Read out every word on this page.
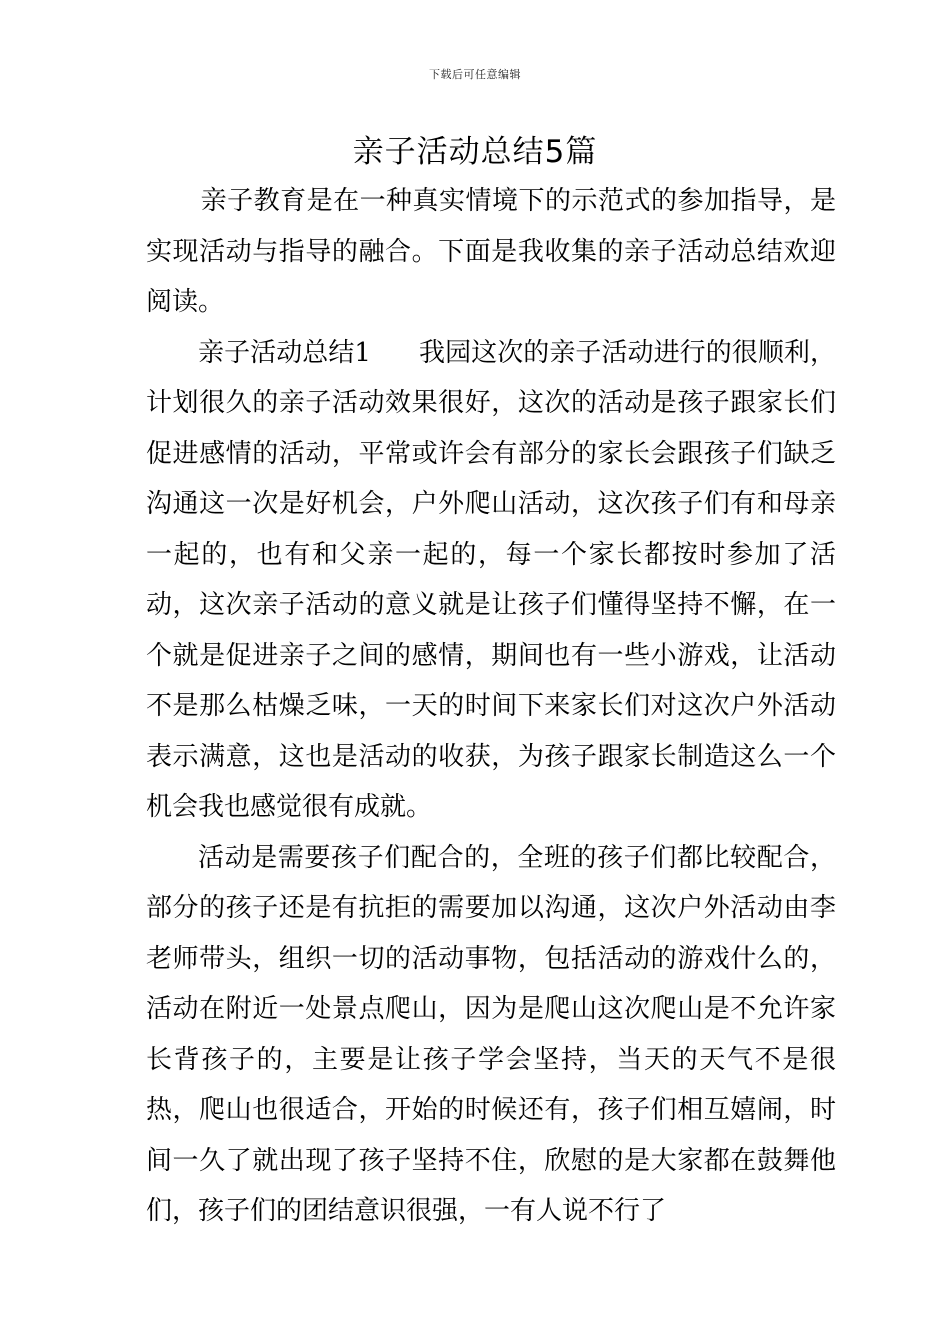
下载后可任意编辑
亲子活动总结5篇

亲子教育是在一种真实情境下的示范式的参加指导，是实现活动与指导的融合。下面是我收集的亲子活动总结欢迎阅读。

亲子活动总结1 我园这次的亲子活动进行的很顺利，计划很久的亲子活动效果很好，这次的活动是孩子跟家长们促进感情的活动，平常或许会有部分的家长会跟孩子们缺乏沟通这一次是好机会，户外爬山活动，这次孩子们有和母亲一起的，也有和父亲一起的，每一个家长都按时参加了活动，这次亲子活动的意义就是让孩子们懂得坚持不懈，在一个就是促进亲子之间的感情，期间也有一些小游戏，让活动不是那么枯燥乏味，一天的时间下来家长们对这次户外活动表示满意，这也是活动的收获，为孩子跟家长制造这么一个机会我也感觉很有成就。

活动是需要孩子们配合的，全班的孩子们都比较配合，部分的孩子还是有抗拒的需要加以沟通，这次户外活动由李老师带头，组织一切的活动事物，包括活动的游戏什么的，活动在附近一处景点爬山，因为是爬山这次爬山是不允许家长背孩子的，主要是让孩子学会坚持，当天的天气不是很热，爬山也很适合，开始的时候还有，孩子们相互嬉闹，时间一久了就出现了孩子坚持不住，欣慰的是大家都在鼓舞他们，孩子们的团结意识很强，一有人说不行了
